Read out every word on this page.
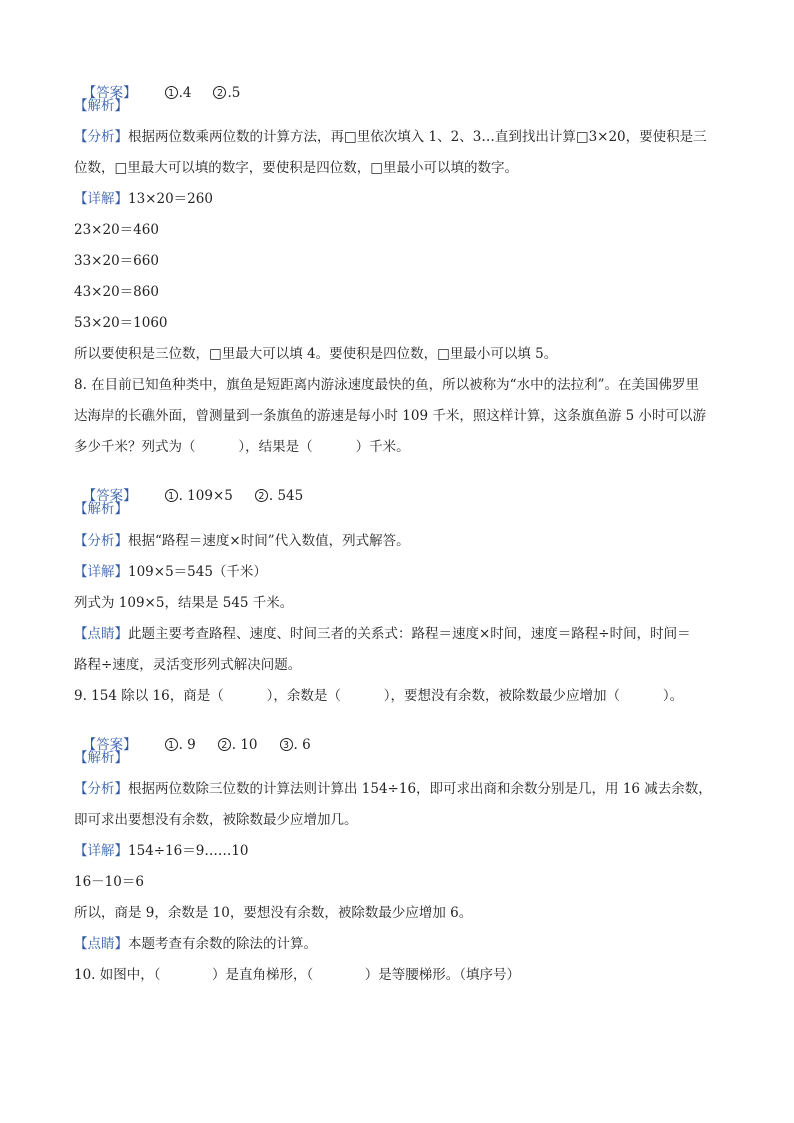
【答案】	1 .4	2 .5

【解析】
【分析】根据两位数乘两位数的计算方法，再□里依次填入 1、2、3…直到找出计算□3×20，要使积是三
位数，□里最大可以填的数字，要使积是四位数，□里最小可以填的数字。
【详解】13×20＝260
23×20＝460
33×20＝660
43×20＝860
53×20＝1060
所以要使积是三位数，□里最大可以填 4。要使积是四位数，□里最小可以填 5。
8. 在目前已知鱼种类中，旗鱼是短距离内游泳速度最快的鱼，所以被称为“水中的法拉利”。在美国佛罗里
达海岸的长礁外面，曾测量到一条旗鱼的游速是每小时 109 千米，照这样计算，这条旗鱼游 5 小时可以游
多少千米？列式为（          ），结果是（          ）千米。

【答案】	1 . 109×5	2 . 545

【解析】
【分析】根据“路程＝速度×时间”代入数值，列式解答。
【详解】109×5＝545（千米）
列式为 109×5，结果是 545 千米。
【点睛】此题主要考查路程、速度、时间三者的关系式：路程＝速度×时间，速度＝路程÷时间，时间＝
路程÷速度，灵活变形列式解决问题。
9. 154 除以 16，商是（          ），余数是（          ），要想没有余数，被除数最少应增加（          ）。

【答案】	1 . 9	2 . 10	3 . 6

【解析】
【分析】根据两位数除三位数的计算法则计算出 154÷16，即可求出商和余数分别是几，用 16 减去余数，
即可求出要想没有余数，被除数最少应增加几。
【详解】154÷16＝9……10
16－10＝6
所以，商是 9，余数是 10，要想没有余数，被除数最少应增加 6。
【点睛】本题考查有余数的除法的计算。
10. 如图中，（            ）是直角梯形，（            ）是等腰梯形。（填序号）
